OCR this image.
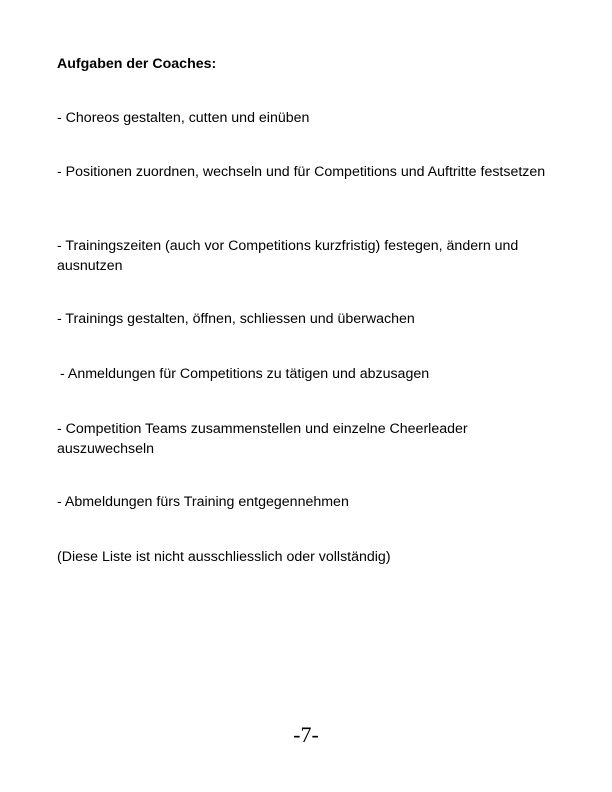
Aufgaben der Coaches:
- Choreos gestalten, cutten und einüben
- Positionen zuordnen, wechseln und für Competitions und Auftritte festsetzen
- Trainingszeiten (auch vor Competitions kurzfristig) festegen, ändern und ausnutzen
- Trainings gestalten, öffnen, schliessen und überwachen
- Anmeldungen für Competitions zu tätigen und abzusagen
- Competition Teams zusammenstellen und einzelne Cheerleader auszuwechseln
- Abmeldungen fürs Training entgegennehmen
(Diese Liste ist nicht ausschliesslich oder vollständig)
-7-
